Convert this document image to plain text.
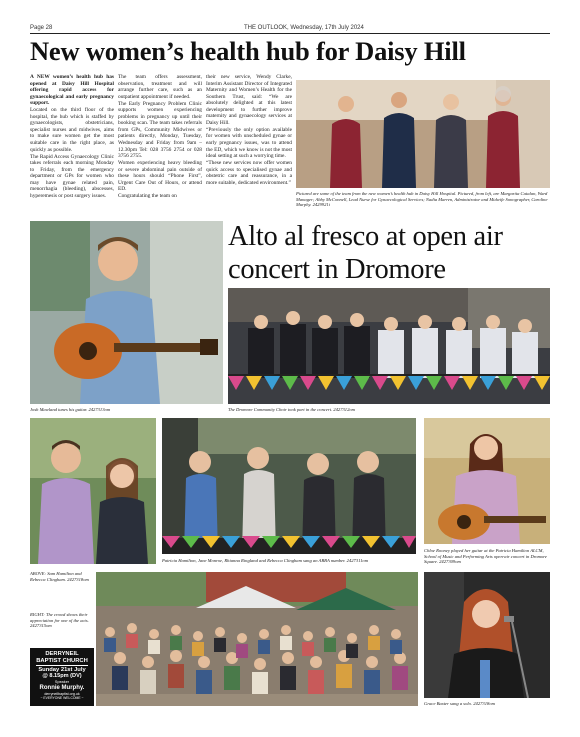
Page 28	THE OUTLOOK, Wednesday, 17th July 2024
New women’s health hub for Daisy Hill

A NEW women’s health hub has opened at Daisy Hill Hospital offering rapid access for gynaecological and early pregnancy support.

Located on the third floor of the hospital, the hub which is staffed by gynaecologists, obstetricians, specialist nurses and midwives, aims to make sure women get the most suitable care in the right place, as quickly as possible.

The Rapid Access Gynaecology Clinic takes referrals each morning Monday to Friday, from the emergency department or GPs for women who may have gynae related pain, menorrhagia (bleeding), abscesses, hyperemesis or post surgery issues.

The team offers assessment, observation, treatment and will arrange further care, such as an outpatient appointment if needed.

The Early Pregnancy Problem Clinic supports women experiencing problems in pregnancy up until their booking scan. The team takes referrals from GPs, Community Midwives or patients directly, Monday, Tuesday, Wednesday and Friday from 9am – 12.30pm Tel: 028 3756 2754 or 028 3756 2755.

Women experiencing heavy bleeding or severe abdominal pain outside of these hours should “Phone First”, Urgent Care Out of Hours, or attend ED.

Congratulating the team on

their new service, Wendy Clarke, Interim Assistant Director of Integrated Maternity and Women’s Health for the Southern Trust, said: “We are absolutely delighted at this latest development to further improve maternity and gynaecology services at Daisy Hill.

“Previously the only option available for women with unscheduled gynae or early pregnancy issues, was to attend the ED, which we know is not the most ideal setting at such a worrying time.

“These new services now offer women quick access to specialised gynae and obstetric care and reassurance, in a more suitable, dedicated environment.”

Pictured are some of the team from the new women’s health hub in Daisy Hill Hospital. Pictured, from left, are Margarita Catalan, Ward Manager; Abby McConnell, Lead Nurse for Gynaecological Services; Nadia Marren, Administrator and Midwife Sonographer, Caroline Murphy. 2429921i
Josh Mawland tunes his guitar. 2427313om
Alto al fresco at open air concert in Dromore
The Dromore Community Choir took part in the concert. 2427312om
ABOVE: Sam Hamilton and Rebecca Clingham. 2427318om
RIGHT: The crowd shows their appreciation for one of the acts. 2427315om
Patricia Hamilton, Jane Monroe, Rhianna Ringland and Rebecca Clingham sang an ABBA number. 2427311om
Chloe Rooney played her guitar at the Patricia Hamilton ALCM, School of Music and Performing Arts open-air concert in Dromore Square. 2427309om
Grace Baxter sang a solo. 2427318om
DERRYNEIL
BAPTIST CHURCH
Sunday 21st July
@ 8.15pm (DV)
Speaker
Ronnie Murphy.
derryneilbaptist.org.uk
~ EVERYONE WELCOME ~
